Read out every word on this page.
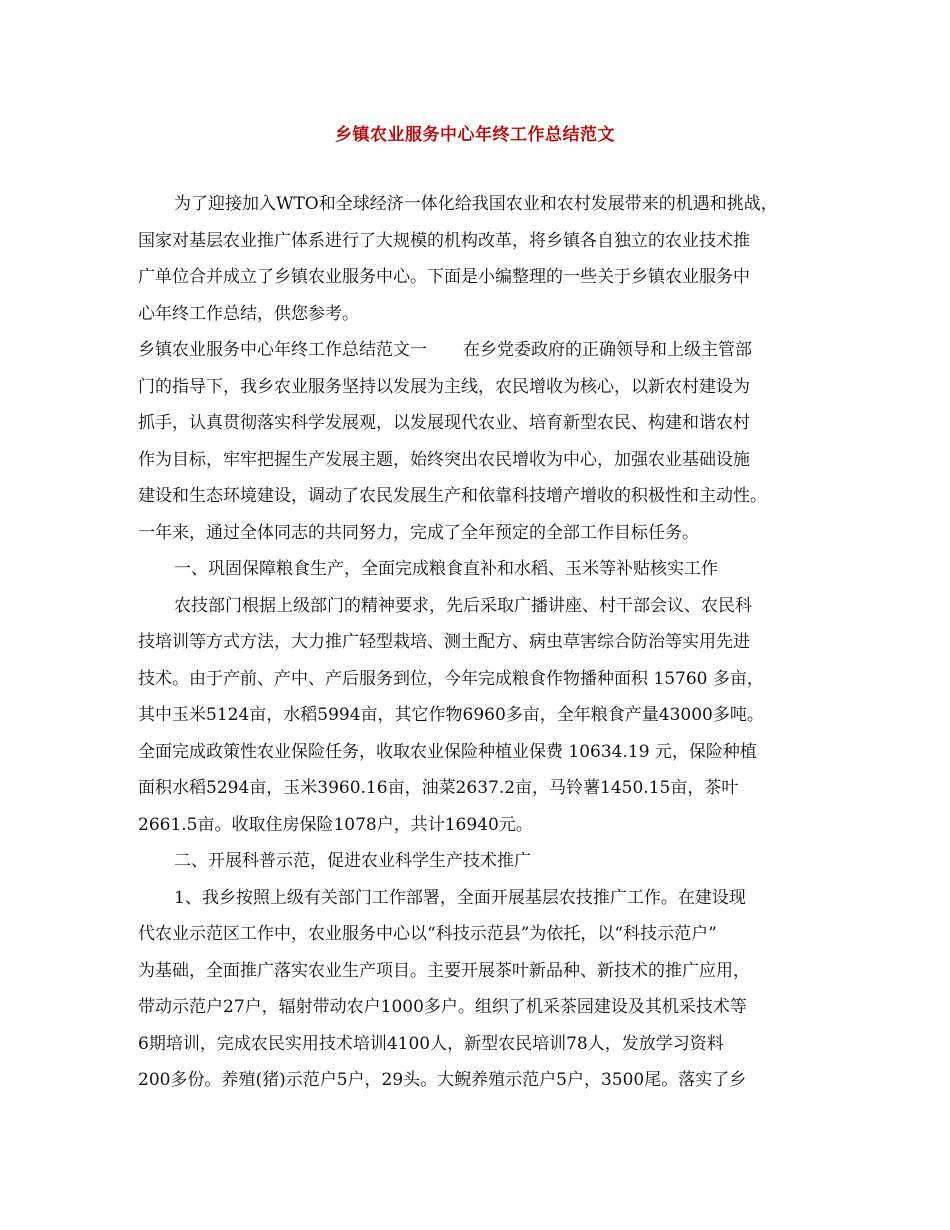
乡镇农业服务中心年终工作总结范文
为了迎接加入WTO和全球经济一体化给我国农业和农村发展带来的机遇和挑战，
国家对基层农业推广体系进行了大规模的机构改革，将乡镇各自独立的农业技术推
广单位合并成立了乡镇农业服务中心。下面是小编整理的一些关于乡镇农业服务中
心年终工作总结，供您参考。
乡镇农业服务中心年终工作总结范文一 在乡党委政府的正确领导和上级主管部
门的指导下，我乡农业服务坚持以发展为主线，农民增收为核心，以新农村建设为
抓手，认真贯彻落实科学发展观，以发展现代农业、培育新型农民、构建和谐农村
作为目标，牢牢把握生产发展主题，始终突出农民增收为中心，加强农业基础设施
建设和生态环境建设，调动了农民发展生产和依靠科技增产增收的积极性和主动性。
一年来，通过全体同志的共同努力，完成了全年预定的全部工作目标任务。
一、巩固保障粮食生产，全面完成粮食直补和水稻、玉米等补贴核实工作
农技部门根据上级部门的精神要求，先后采取广播讲座、村干部会议、农民科
技培训等方式方法，大力推广轻型栽培、测土配方、病虫草害综合防治等实用先进
技术。由于产前、产中、产后服务到位，今年完成粮食作物播种面积 15760 多亩，
其中玉米5124亩，水稻5994亩，其它作物6960多亩，全年粮食产量43000多吨。
全面完成政策性农业保险任务，收取农业保险种植业保费 10634.19 元，保险种植
面积水稻5294亩，玉米3960.16亩，油菜2637.2亩，马铃薯1450.15亩，茶叶
2661.5亩。收取住房保险1078户，共计16940元。
二、开展科普示范，促进农业科学生产技术推广
1、我乡按照上级有关部门工作部署，全面开展基层农技推广工作。在建设现
代农业示范区工作中，农业服务中心以“科技示范县”为依托，以“科技示范户”
为基础，全面推广落实农业生产项目。主要开展茶叶新品种、新技术的推广应用，
带动示范户27户，辐射带动农户1000多户。组织了机采茶园建设及其机采技术等
6期培训，完成农民实用技术培训4100人，新型农民培训78人，发放学习资料
200多份。养殖(猪)示范户5户，29头。大鲵养殖示范户5户，3500尾。落实了乡
